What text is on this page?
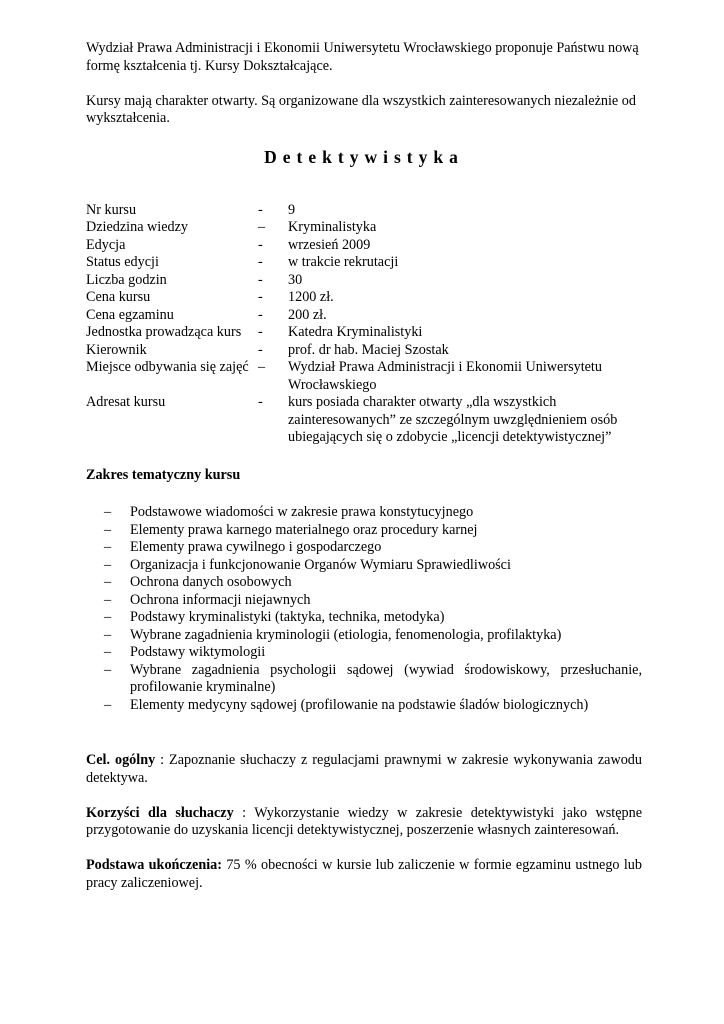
Wydział Prawa Administracji i Ekonomii Uniwersytetu Wrocławskiego proponuje Państwu nową formę kształcenia tj. Kursy Dokształcające.

Kursy mają charakter otwarty. Są organizowane dla wszystkich zainteresowanych niezależnie od wykształcenia.

Detektywistyka
Nr kursu	-	9
Dziedzina wiedzy	–	Kryminalistyka
Edycja	-	wrzesień 2009
Status edycji	-	w trakcie rekrutacji
Liczba godzin	-	30
Cena kursu	-	1200 zł.
Cena egzaminu	-	200 zł.
Jednostka prowadząca kurs	-	Katedra Kryminalistyki
Kierownik	-	prof. dr hab. Maciej Szostak
Miejsce odbywania się zajęć	–	Wydział Prawa Administracji i Ekonomii Uniwersytetu Wrocławskiego
Adresat kursu	-	kurs posiada charakter otwarty „dla wszystkich zainteresowanych” ze szczególnym uwzględnieniem osób ubiegających się o zdobycie „licencji detektywistycznej”

Zakres tematyczny kursu

– Podstawowe wiadomości w zakresie prawa konstytucyjnego
– Elementy prawa karnego materialnego oraz procedury karnej
– Elementy prawa cywilnego i gospodarczego
– Organizacja i funkcjonowanie Organów Wymiaru Sprawiedliwości
– Ochrona danych osobowych
– Ochrona informacji niejawnych
– Podstawy kryminalistyki (taktyka, technika, metodyka)
– Wybrane zagadnienia kryminologii (etiologia, fenomenologia, profilaktyka)
– Podstawy wiktymologii
– Wybrane zagadnienia psychologii sądowej (wywiad środowiskowy, przesłuchanie, profilowanie kryminalne)
– Elementy medycyny sądowej (profilowanie na podstawie śladów biologicznych)

Cel. ogólny : Zapoznanie słuchaczy z regulacjami prawnymi w zakresie wykonywania zawodu detektywa.

Korzyści dla słuchaczy : Wykorzystanie wiedzy w zakresie detektywistyki jako wstępne przygotowanie do uzyskania licencji detektywistycznej, poszerzenie własnych zainteresowań.

Podstawa ukończenia: 75 % obecności w kursie lub zaliczenie w formie egzaminu ustnego lub pracy zaliczeniowej.
